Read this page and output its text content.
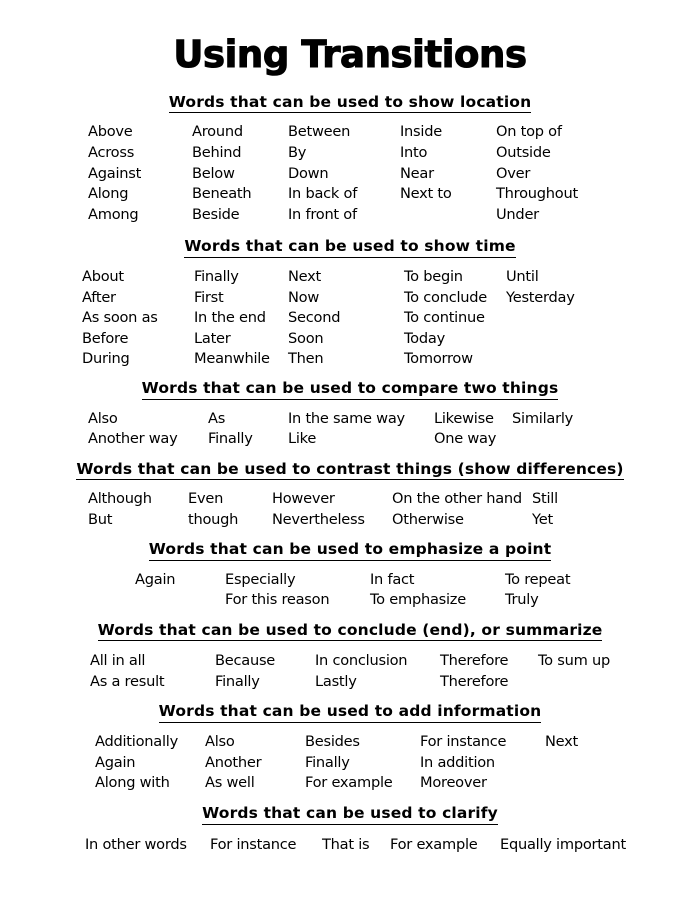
Using Transitions
Words that can be used to show location
Above
Across
Against
Along
Among
Around
Behind
Below
Beneath
Beside
Between
By
Down
In back of
In front of
Inside
Into
Near
Next to
On top of
Outside
Over
Throughout
Under
Words that can be used to show time
About
After
As soon as
Before
During
Finally
First
In the end
Later
Meanwhile
Next
Now
Second
Soon
Then
To begin
To conclude
To continue
Today
Tomorrow
Until
Yesterday
Words that can be used to compare two things
Also
Another way
As
Finally
In the same way
Like
Likewise
One way
Similarly
Words that can be used to contrast things (show differences)
Although
But
Even
though
However
Nevertheless
On the other hand
Otherwise
Still
Yet
Words that can be used to emphasize a point
Again	Especially
For this reason
In fact
To emphasize
To repeat
Truly
Words that can be used to conclude (end), or summarize
All in all
As a result
Because
Finally
In conclusion
Lastly
Therefore
Therefore
To sum up
Words that can be used to add information
Additionally
Again
Along with
Also
Another
As well
Besides
Finally
For example
For instance
In addition
Moreover
Next
Words that can be used to clarify
In other words For instance That is For example Equally important
